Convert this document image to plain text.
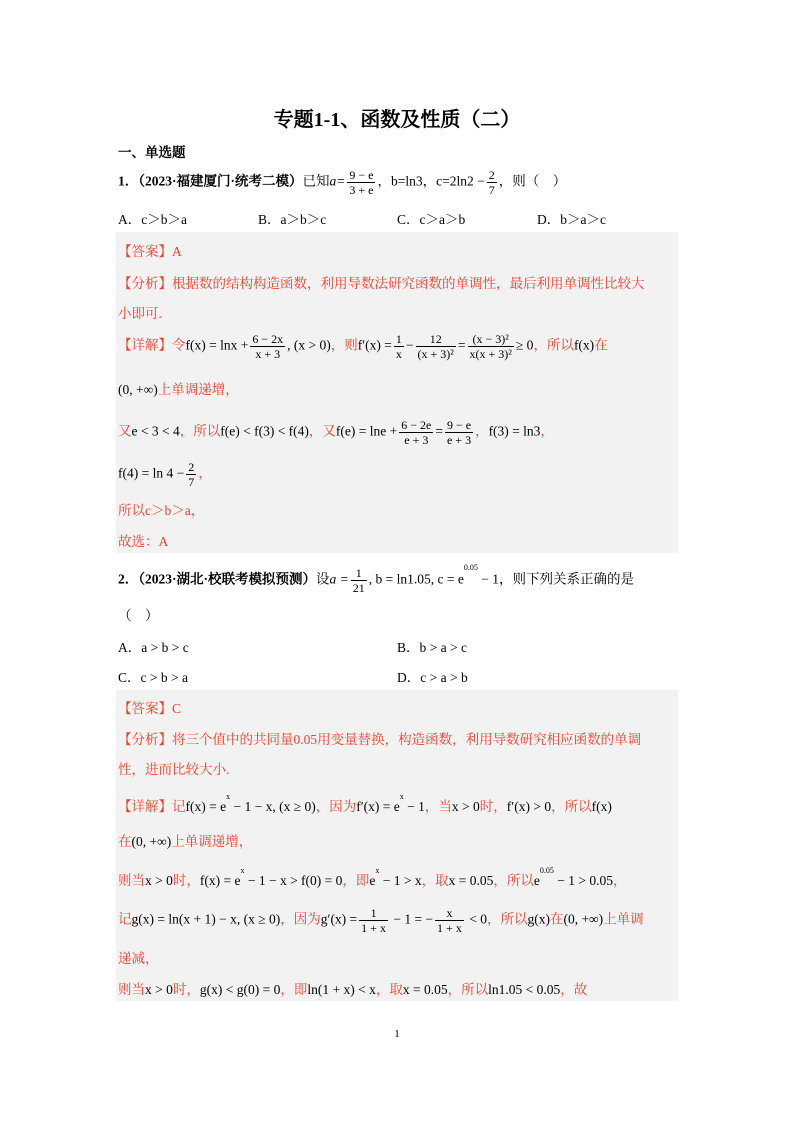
专题1-1、函数及性质（二）
一、单选题
1．（2023·福建厦门·统考二模）已知$a= \frac{9 - e}{3 + e}$ ，b=ln3，$c=2\ln 2 - \frac{2}{7}$ ，则（　）
A．c＞b＞a	B．a＞b＞c	C．c＞a＞b	D．b＞a＞c
【答案】A
【分析】根据数的结构构造函数，利用导数法研究函数的单调性，最后利用单调性比较大
小即可.
【详解】令$f(x) = \ln x + \frac{6 - 2x}{x + 3}$ , (x > 0)，则$f'(x) = \frac{1}{x} - \frac{12}{\text{(x + 3)²}} = \frac{\text{(x − 3)²}}{\text{x(x + 3)²}} \ge 0$，所以f(x)在
(0, +∞)上单调递增，
又e < 3 < 4，所以f(e) < f(3) < f(4)，又$f(e) = \ln e + \frac{6 - 2e}{e + 3} = \frac{9 - e}{e + 3}$ ，f(3) = ln3，
$f(4) = \ln 4 - \frac{2}{7}$ ，
所以c＞b＞a，
故选：A
2．（2023·湖北·校联考模拟预测）设$a = \frac{1}{21}$ , b = ln1.05, $c = e^{0.05} - 1$，则下列关系正确的是
（　）
A．a > b > c	B．b > a > c
C．c > b > a	D．c > a > b
【答案】C
【分析】将三个值中的共同量0.05用变量替换，构造函数，利用导数研究相应函数的单调
性，进而比较大小.
【详解】记$f(x) = e^x - 1 - x$, (x ≥ 0)，因为$f'(x) = e^x - 1$，当x > 0时，f′(x) > 0，所以f(x)
在(0, +∞)上单调递增，
则当x > 0时，$f(x) = e^x - 1 - x > f(0) = 0$，即$e^x - 1 > x$，取x = 0.05，所以$e^{0.05} - 1 > 0.05$，
记g(x) = ln(x + 1) − x, (x ≥ 0)，因为$g'(x) = \frac{1}{1 + x} - 1$ = − $\frac{x}{1 + x} < 0$，所以g(x)在(0, +∞)上单调
递减，
则当x > 0时，g(x) < g(0) = 0，即ln(1 + x) < x，取x = 0.05，所以ln1.05 < 0.05，故
1
